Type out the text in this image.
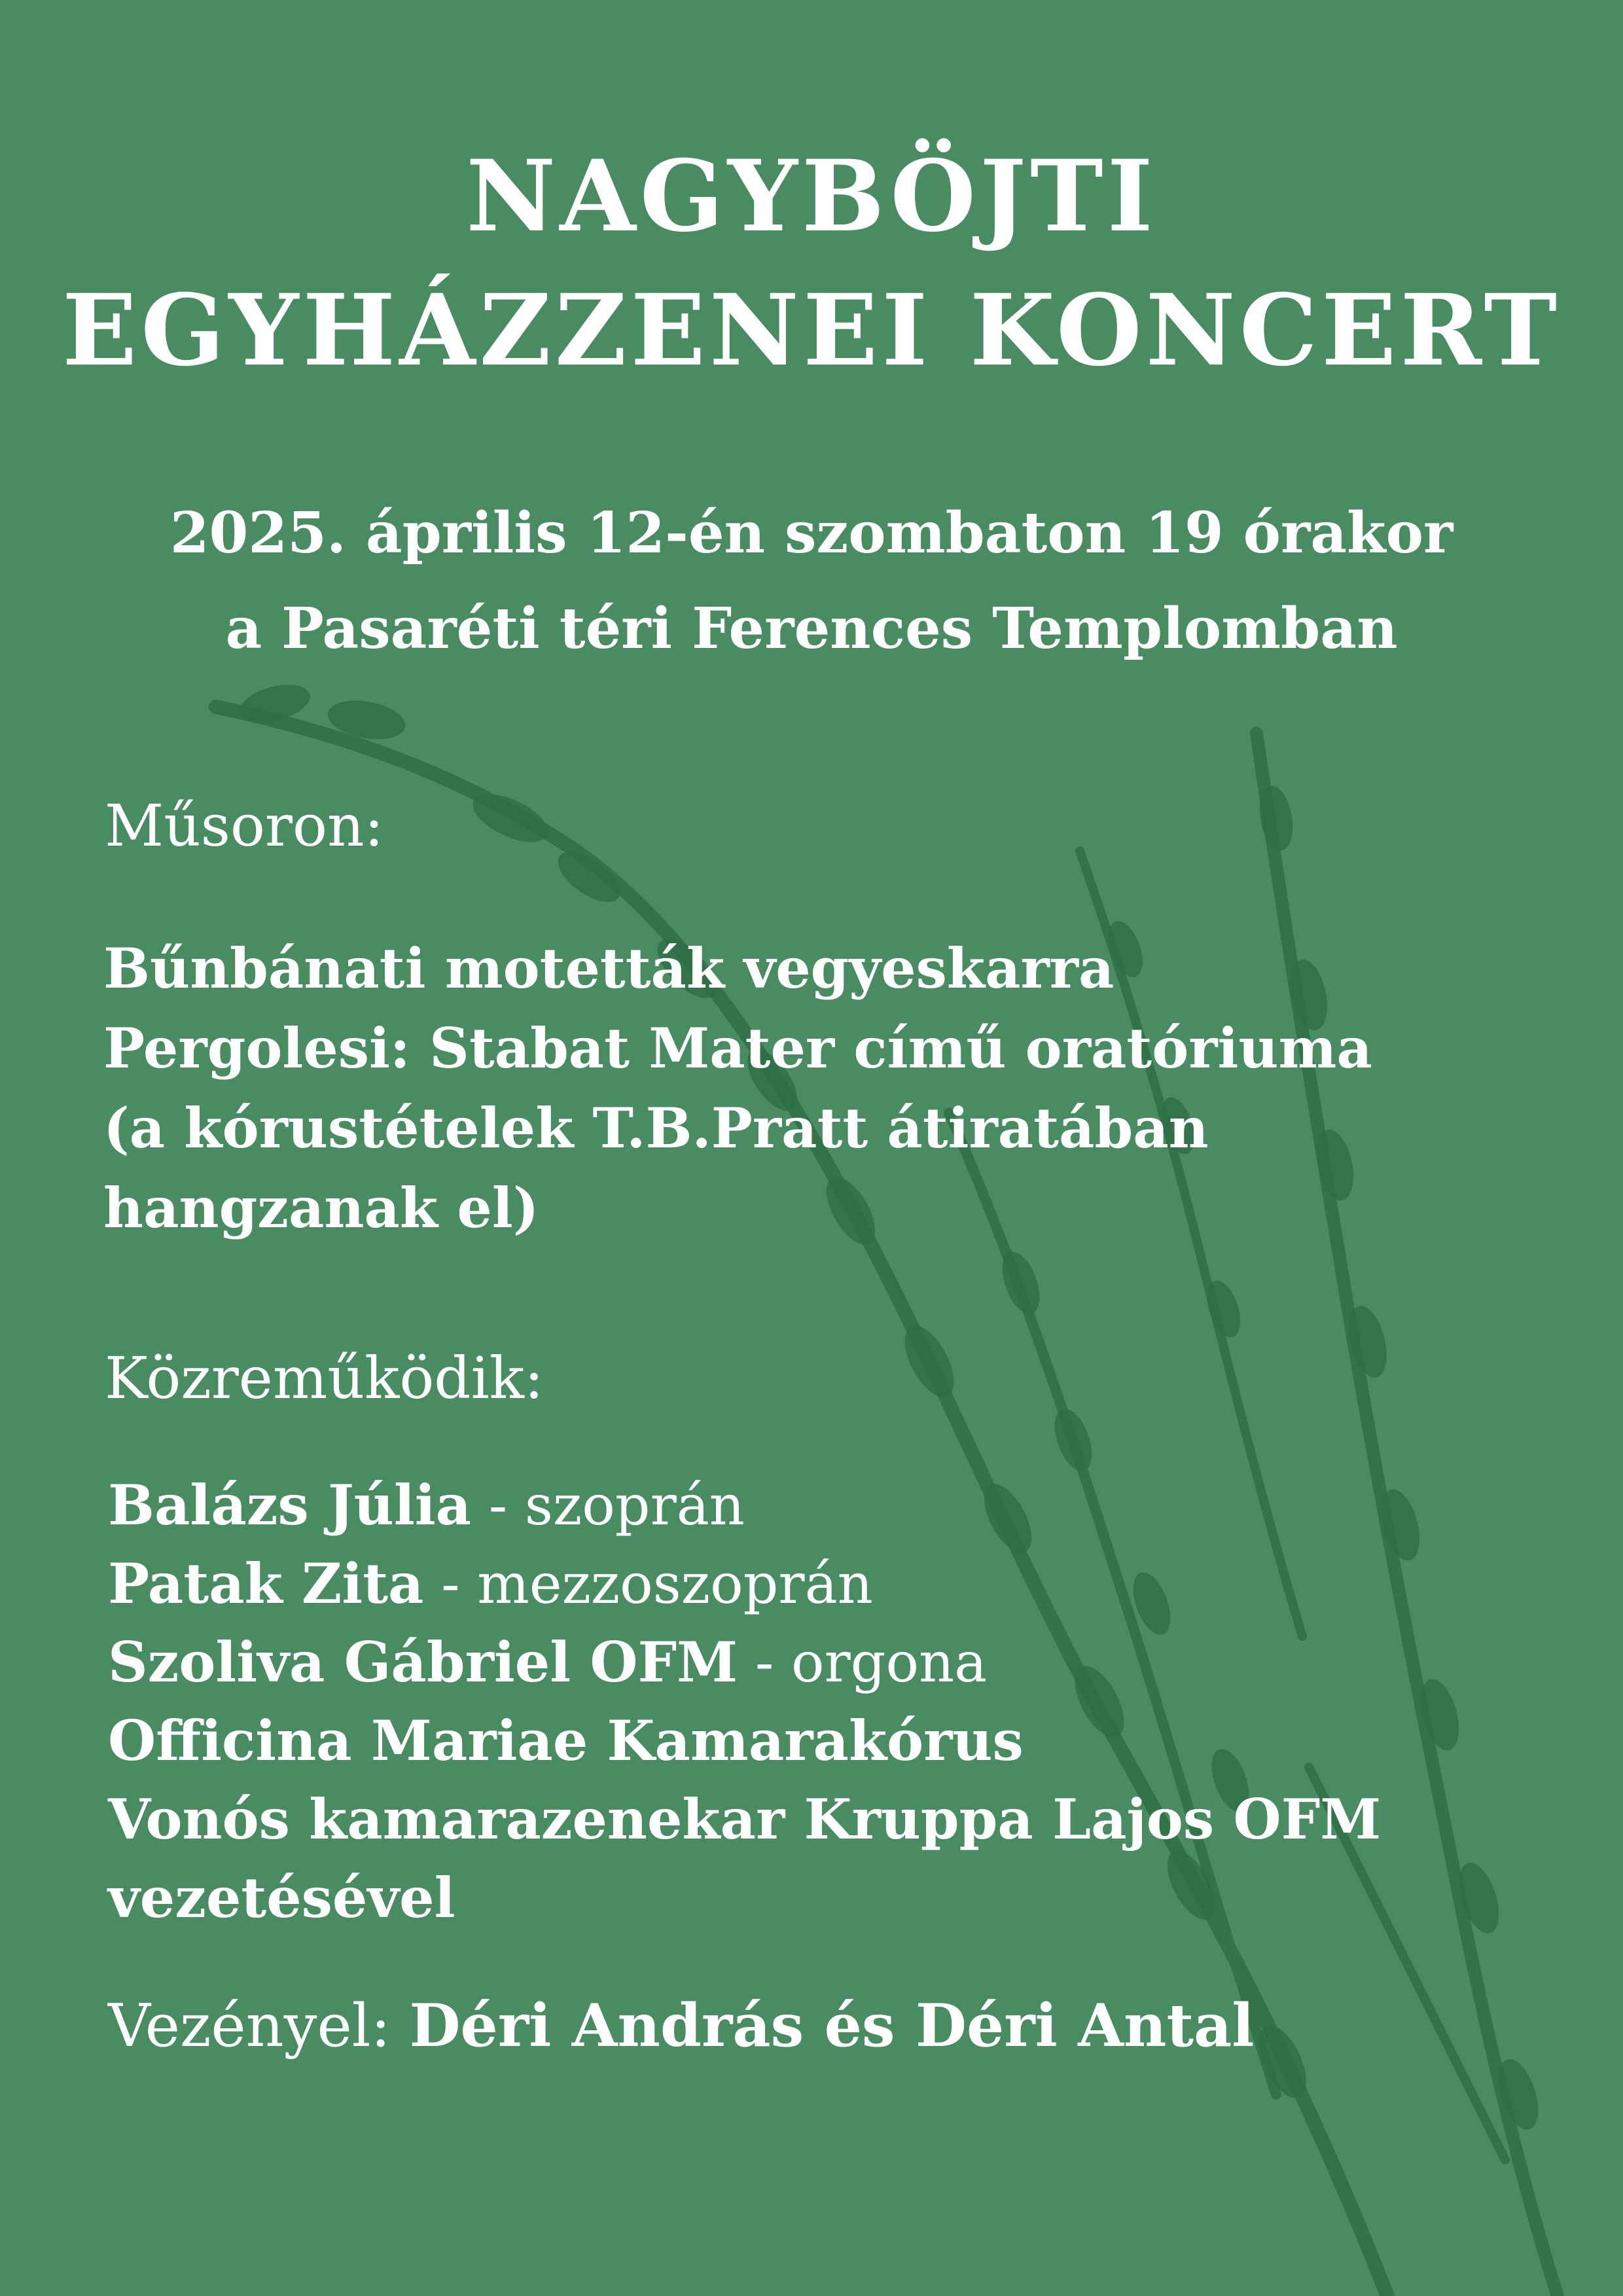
NAGYBÖJTI
EGYHÁZZENEI KONCERT
2025. április 12-én szombaton 19 órakor
a Pasaréti téri Ferences Templomban
Műsoron:
Bűnbánati motetták vegyeskarra
Pergolesi: Stabat Mater című oratóriuma
(a kórustételek T.B.Pratt átiratában
hangzanak el)
Közreműködik:
Balázs Júlia - szoprán
Patak Zita - mezzoszoprán
Szoliva Gábriel OFM - orgona
Officina Mariae Kamarakórus
Vonós kamarazenekar Kruppa Lajos OFM
vezetésével
Vezényel: Déri András és Déri Antal
